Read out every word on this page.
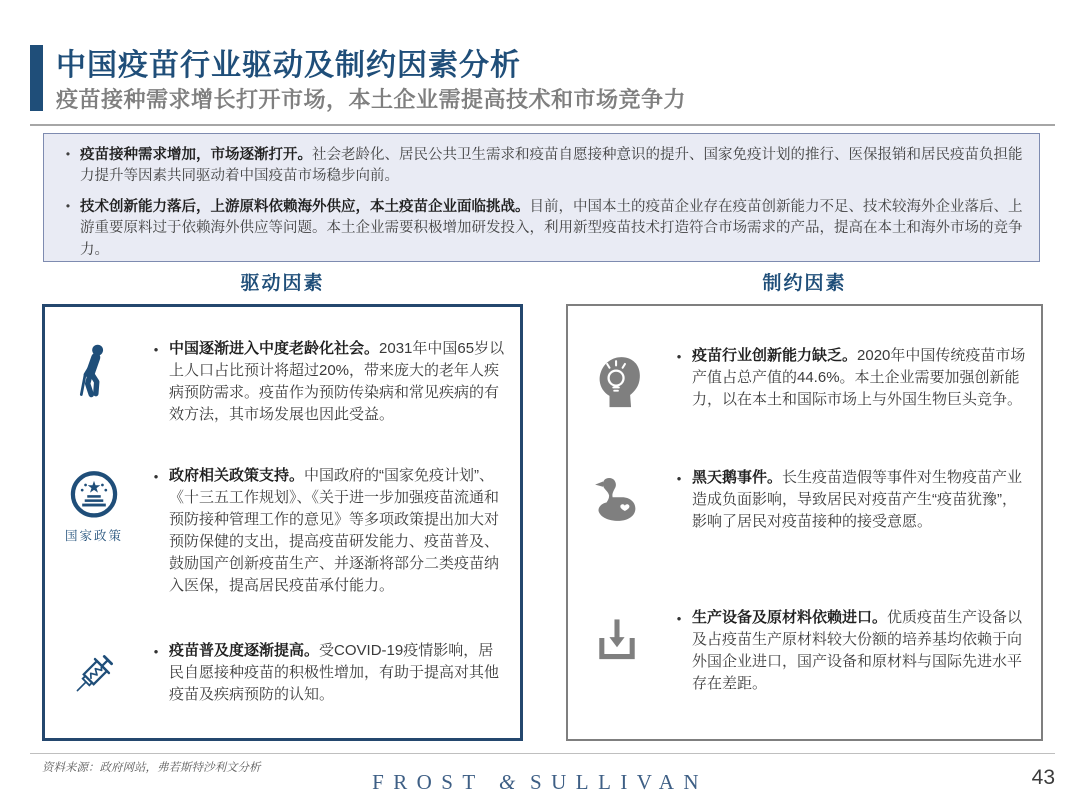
中国疫苗行业驱动及制约因素分析
疫苗接种需求增长打开市场，本土企业需提高技术和市场竞争力
•
疫苗接种需求增加，市场逐渐打开。社会老龄化、居民公共卫生需求和疫苗自愿接种意识的提升、国家免疫计划的推行、医保报销和居民疫苗负担能力提升等因素共同驱动着中国疫苗市场稳步向前。
•
技术创新能力落后，上游原料依赖海外供应，本土疫苗企业面临挑战。目前，中国本土的疫苗企业存在疫苗创新能力不足、技术较海外企业落后、上游重要原料过于依赖海外供应等问题。本土企业需要积极增加研发投入，利用新型疫苗技术打造符合市场需求的产品，提高在本土和海外市场的竞争力。
驱动因素	制约因素
•
中国逐渐进入中度老龄化社会。2031年中国65岁以上人口占比预计将超过20%，带来庞大的老年人疾病预防需求。疫苗作为预防传染病和常见疾病的有效方法，其市场发展也因此受益。
国家政策
•
政府相关政策支持。中国政府的“国家免疫计划”、《十三五工作规划》、《关于进一步加强疫苗流通和预防接种管理工作的意见》等多项政策提出加大对预防保健的支出，提高疫苗研发能力、疫苗普及、鼓励国产创新疫苗生产、并逐渐将部分二类疫苗纳入医保，提高居民疫苗承付能力。
•
疫苗普及度逐渐提高。受COVID-19疫情影响，居民自愿接种疫苗的积极性增加，有助于提高对其他疫苗及疾病预防的认知。
•
疫苗行业创新能力缺乏。2020年中国传统疫苗市场产值占总产值的44.6%。本土企业需要加强创新能力，以在本土和国际市场上与外国生物巨头竞争。
•
黑天鹅事件。长生疫苗造假等事件对生物疫苗产业造成负面影响，导致居民对疫苗产生“疫苗犹豫”，影响了居民对疫苗接种的接受意愿。
•
生产设备及原材料依赖进口。优质疫苗生产设备以及占疫苗生产原材料较大份额的培养基均依赖于向外国企业进口，国产设备和原材料与国际先进水平存在差距。
资料来源：政府网站，弗若斯特沙利文分析
FROST & SULLIVAN	43
